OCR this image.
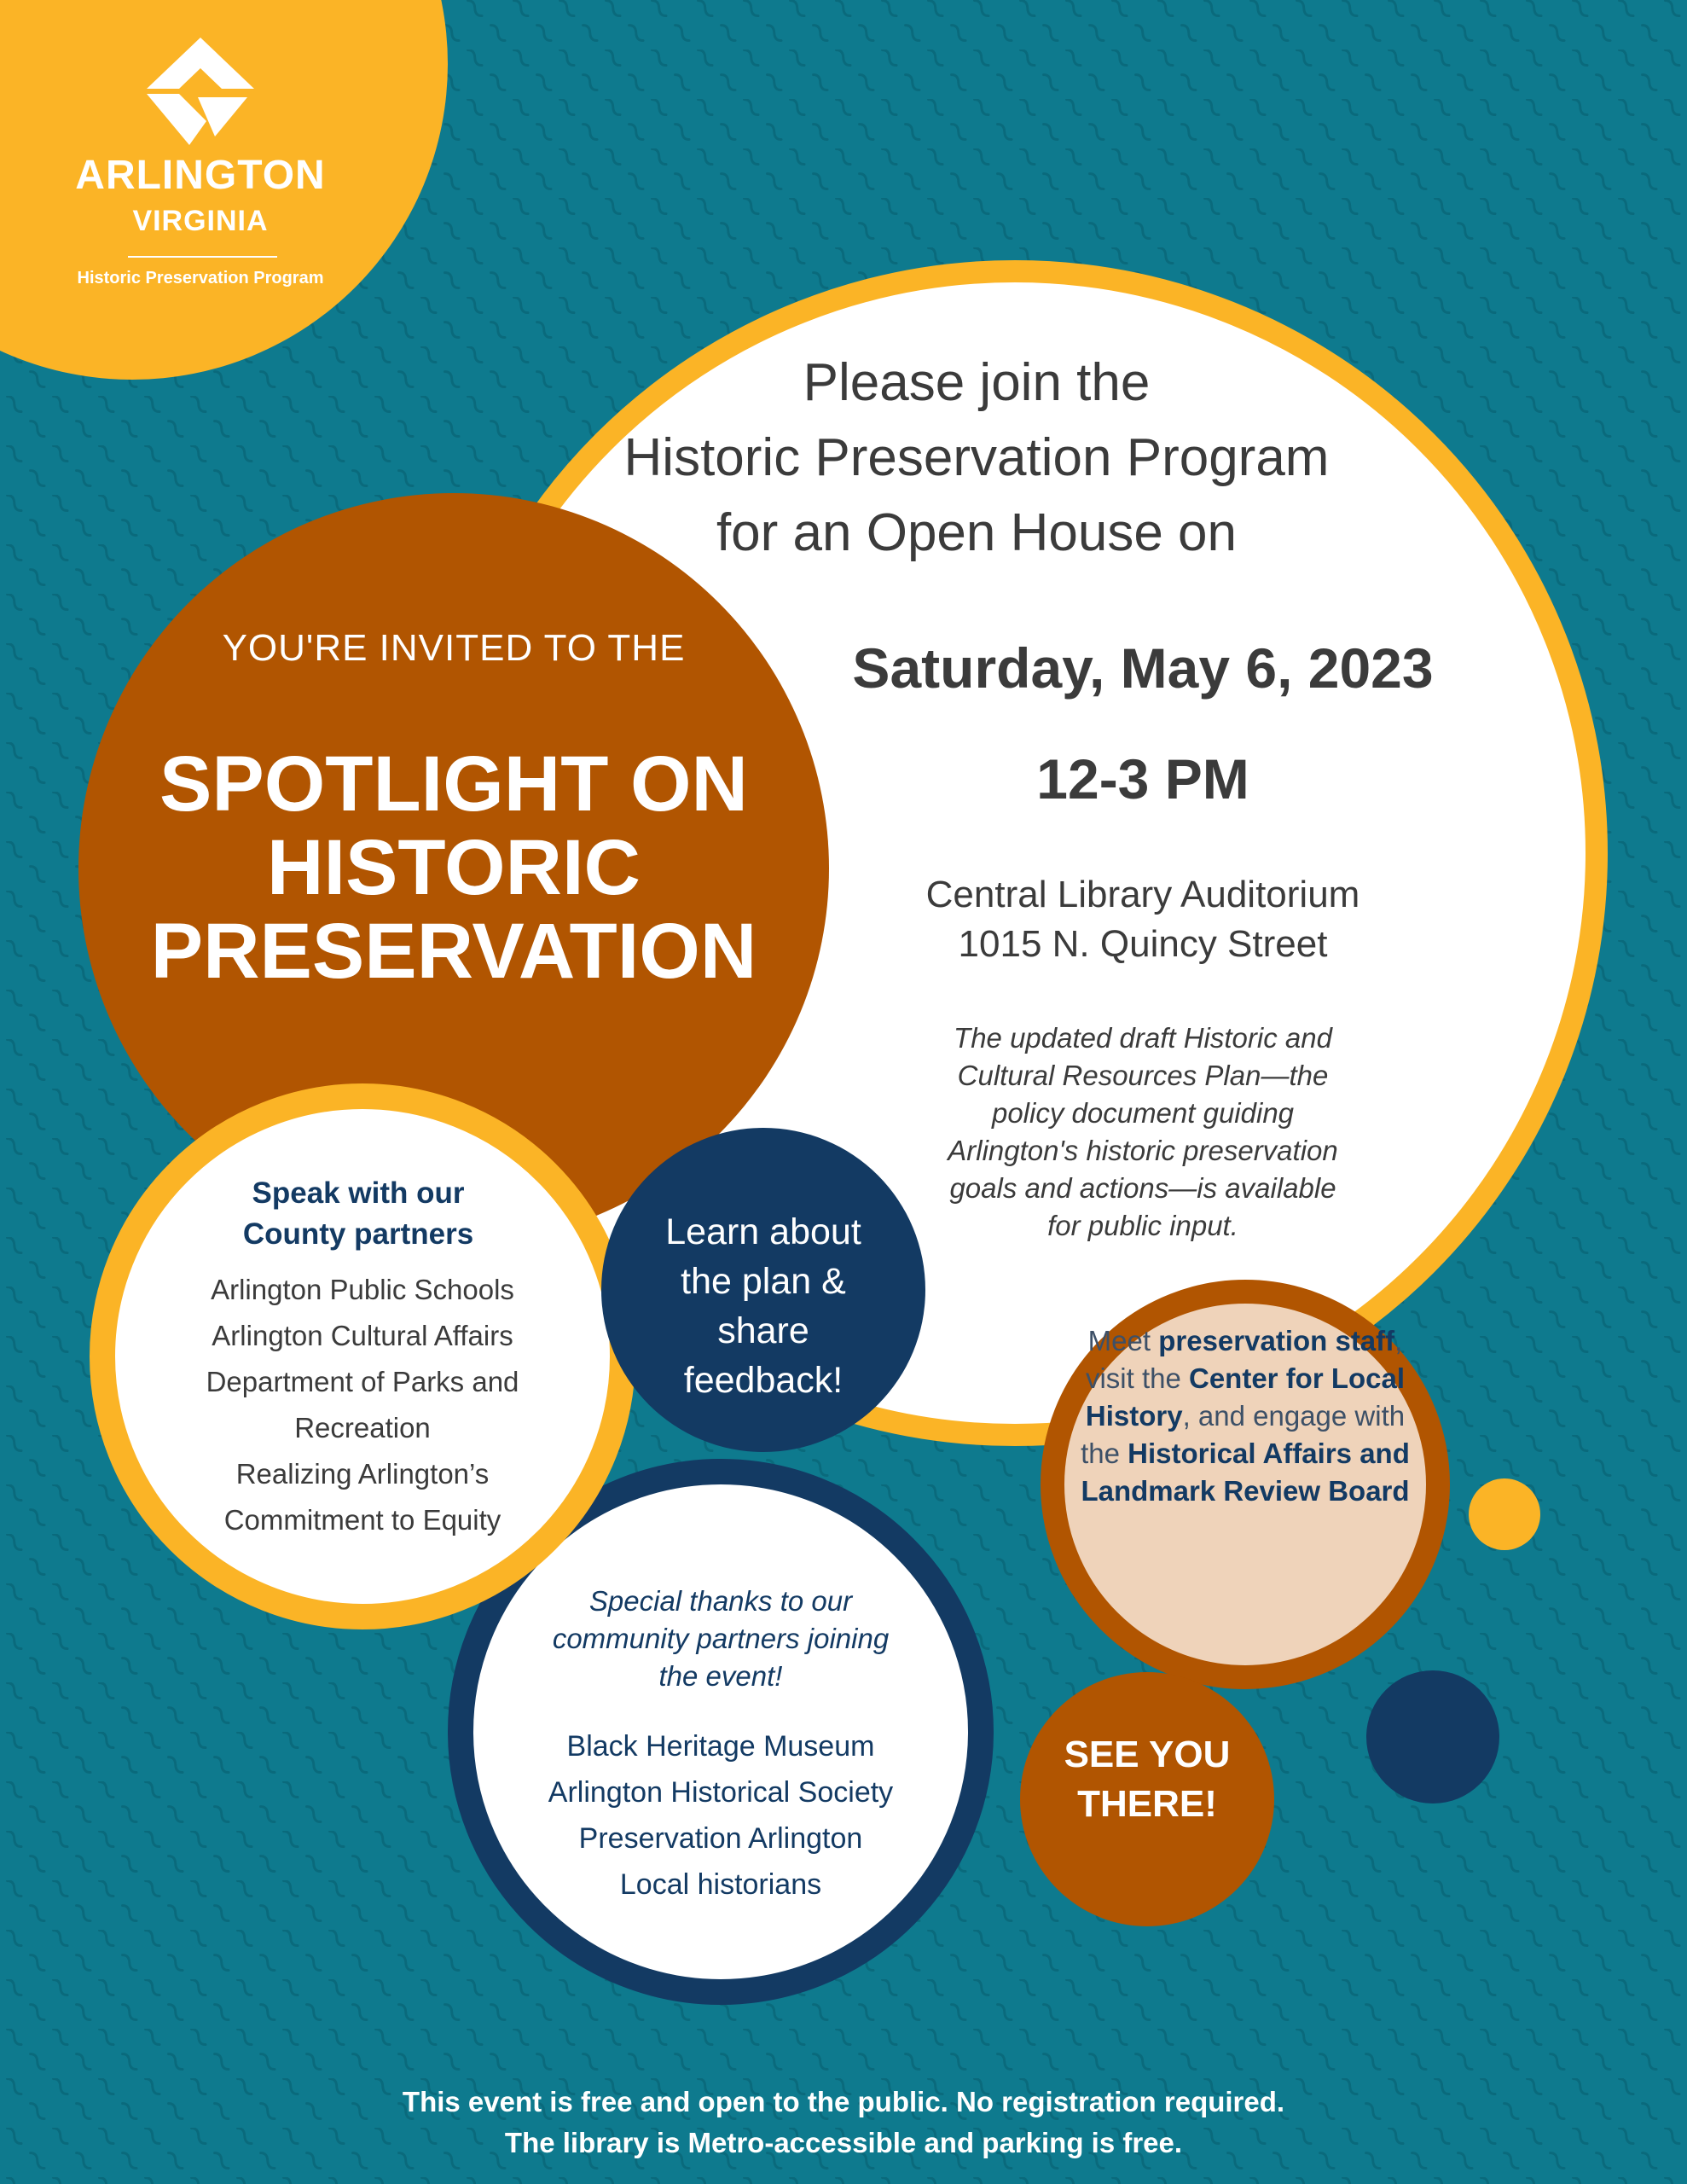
ARLINGTON
VIRGINIA
Historic Preservation Program
Please join the
Historic Preservation Program
for an Open House on
Saturday, May 6, 2023
12-3 PM
Central Library Auditorium
1015 N. Quincy Street
The updated draft Historic and
Cultural Resources Plan—the
policy document guiding
Arlington's historic preservation
goals and actions—is available
for public input.
YOU'RE INVITED TO THE
SPOTLIGHT ON
HISTORIC
PRESERVATION
Special thanks to our
community partners joining
the event!
Black Heritage Museum
Arlington Historical Society
Preservation Arlington
Local historians
Speak with our
County partners
Arlington Public Schools
Arlington Cultural Affairs
Department of Parks and
Recreation
Realizing Arlington’s
Commitment to Equity
Learn about
the plan &
share
feedback!
Meet preservation staff, visit the Center for Local History, and engage with the Historical Affairs and Landmark Review Board
SEE YOU
THERE!
This event is free and open to the public. No registration required.
The library is Metro-accessible and parking is free.
